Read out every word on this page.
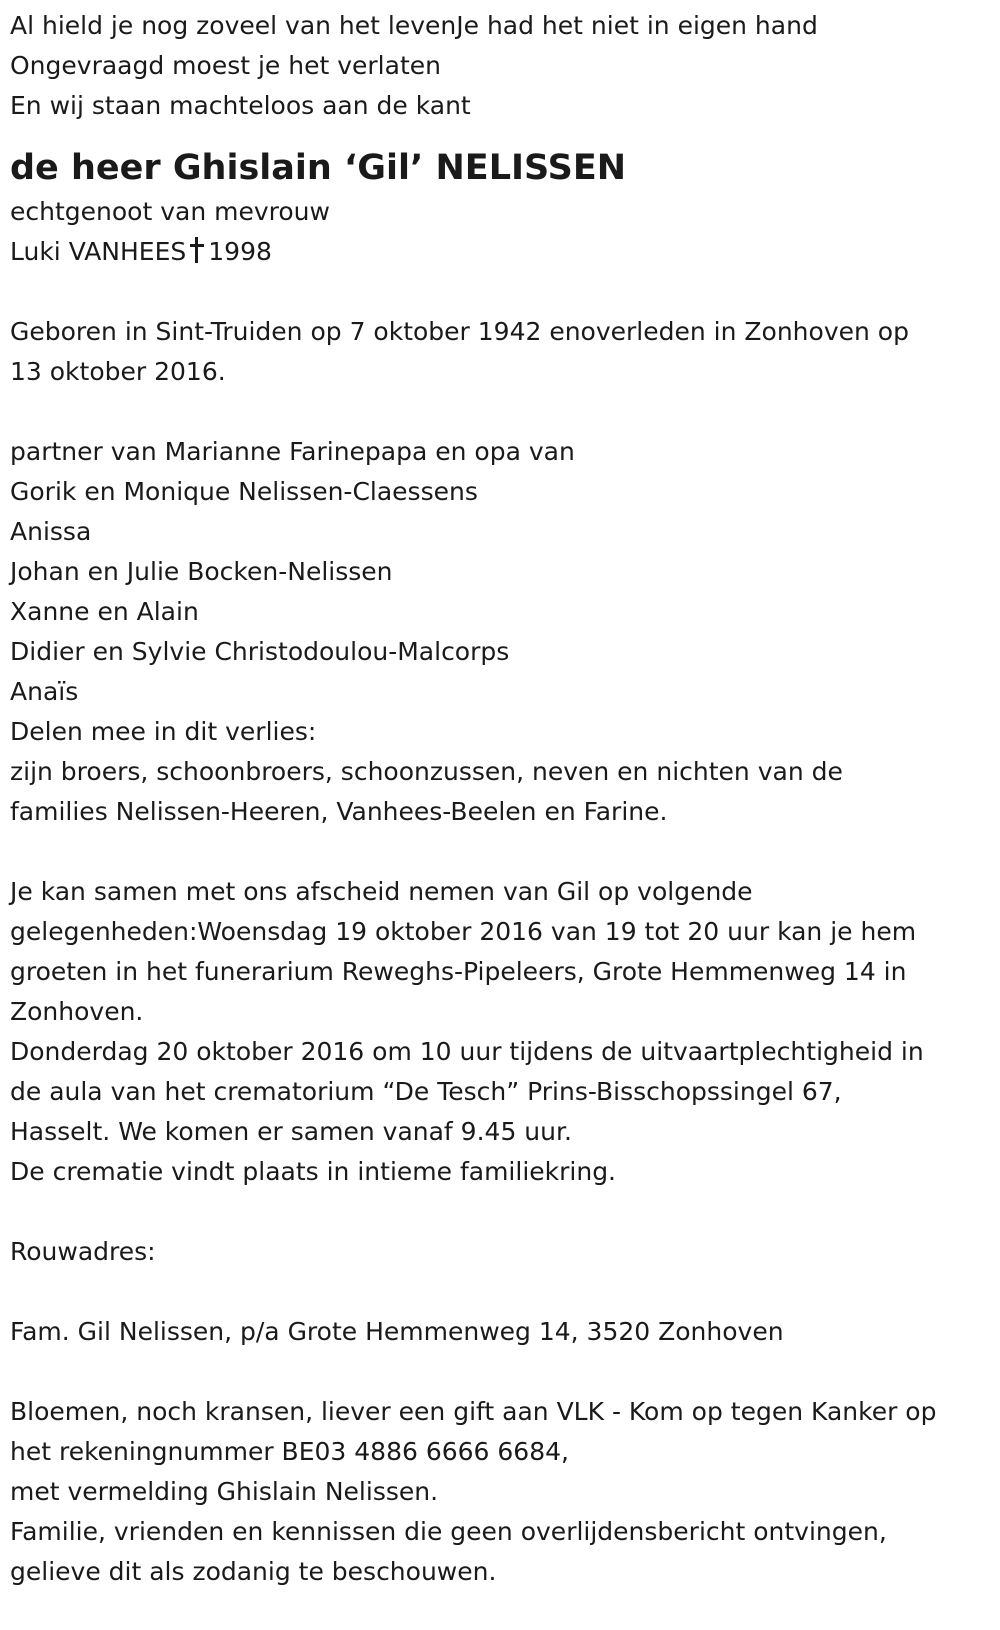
Al hield je nog zoveel van het levenJe had het niet in eigen hand
Ongevraagd moest je het verlaten
En wij staan machteloos aan de kant
de heer Ghislain ‘Gil’ NELISSEN
echtgenoot van mevrouw
Luki VANHEES 1998
Geboren in Sint-Truiden op 7 oktober 1942 enoverleden in Zonhoven op
13 oktober 2016.
partner van Marianne Farinepapa en opa van
Gorik en Monique Nelissen-Claessens
Anissa
Johan en Julie Bocken-Nelissen
Xanne en Alain
Didier en Sylvie Christodoulou-Malcorps
Anaïs
Delen mee in dit verlies:
zijn broers, schoonbroers, schoonzussen, neven en nichten van de
families Nelissen-Heeren, Vanhees-Beelen en Farine.
Je kan samen met ons afscheid nemen van Gil op volgende
gelegenheden:Woensdag 19 oktober 2016 van 19 tot 20 uur kan je hem
groeten in het funerarium Reweghs-Pipeleers, Grote Hemmenweg 14 in
Zonhoven.
Donderdag 20 oktober 2016 om 10 uur tijdens de uitvaartplechtigheid in
de aula van het crematorium “De Tesch” Prins-Bisschopssingel 67,
Hasselt. We komen er samen vanaf 9.45 uur.
De crematie vindt plaats in intieme familiekring.
Rouwadres:
Fam. Gil Nelissen, p/a Grote Hemmenweg 14, 3520 Zonhoven
Bloemen, noch kransen, liever een gift aan VLK - Kom op tegen Kanker op
het rekeningnummer BE03 4886 6666 6684,
met vermelding Ghislain Nelissen.
Familie, vrienden en kennissen die geen overlijdensbericht ontvingen,
gelieve dit als zodanig te beschouwen.
